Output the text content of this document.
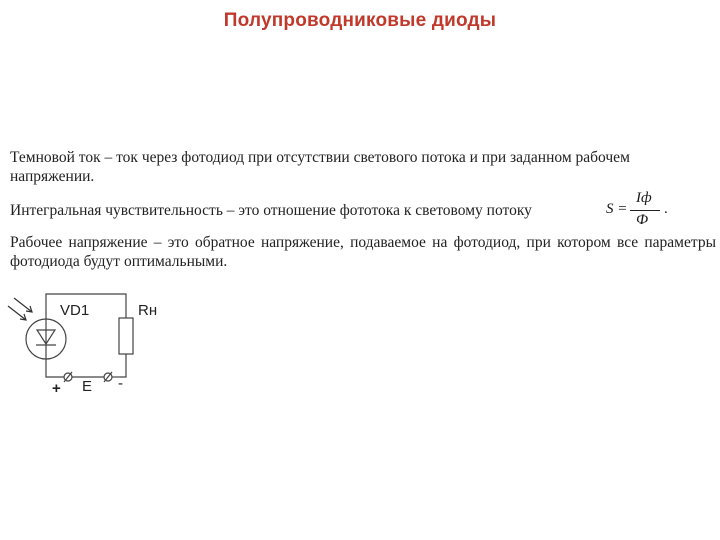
Полупроводниковые диоды
Темновой ток – ток через фотодиод при отсутствии светового потока и при заданном рабочем напряжении.
Интегральная чувствительность – это отношение фототока к световому потоку	S =
Iф
Ф
.
Рабочее напряжение – это обратное напряжение, подаваемое на фотодиод, при котором все параметры фотодиода будут оптимальными.
VD1	Rн
E
+	-
